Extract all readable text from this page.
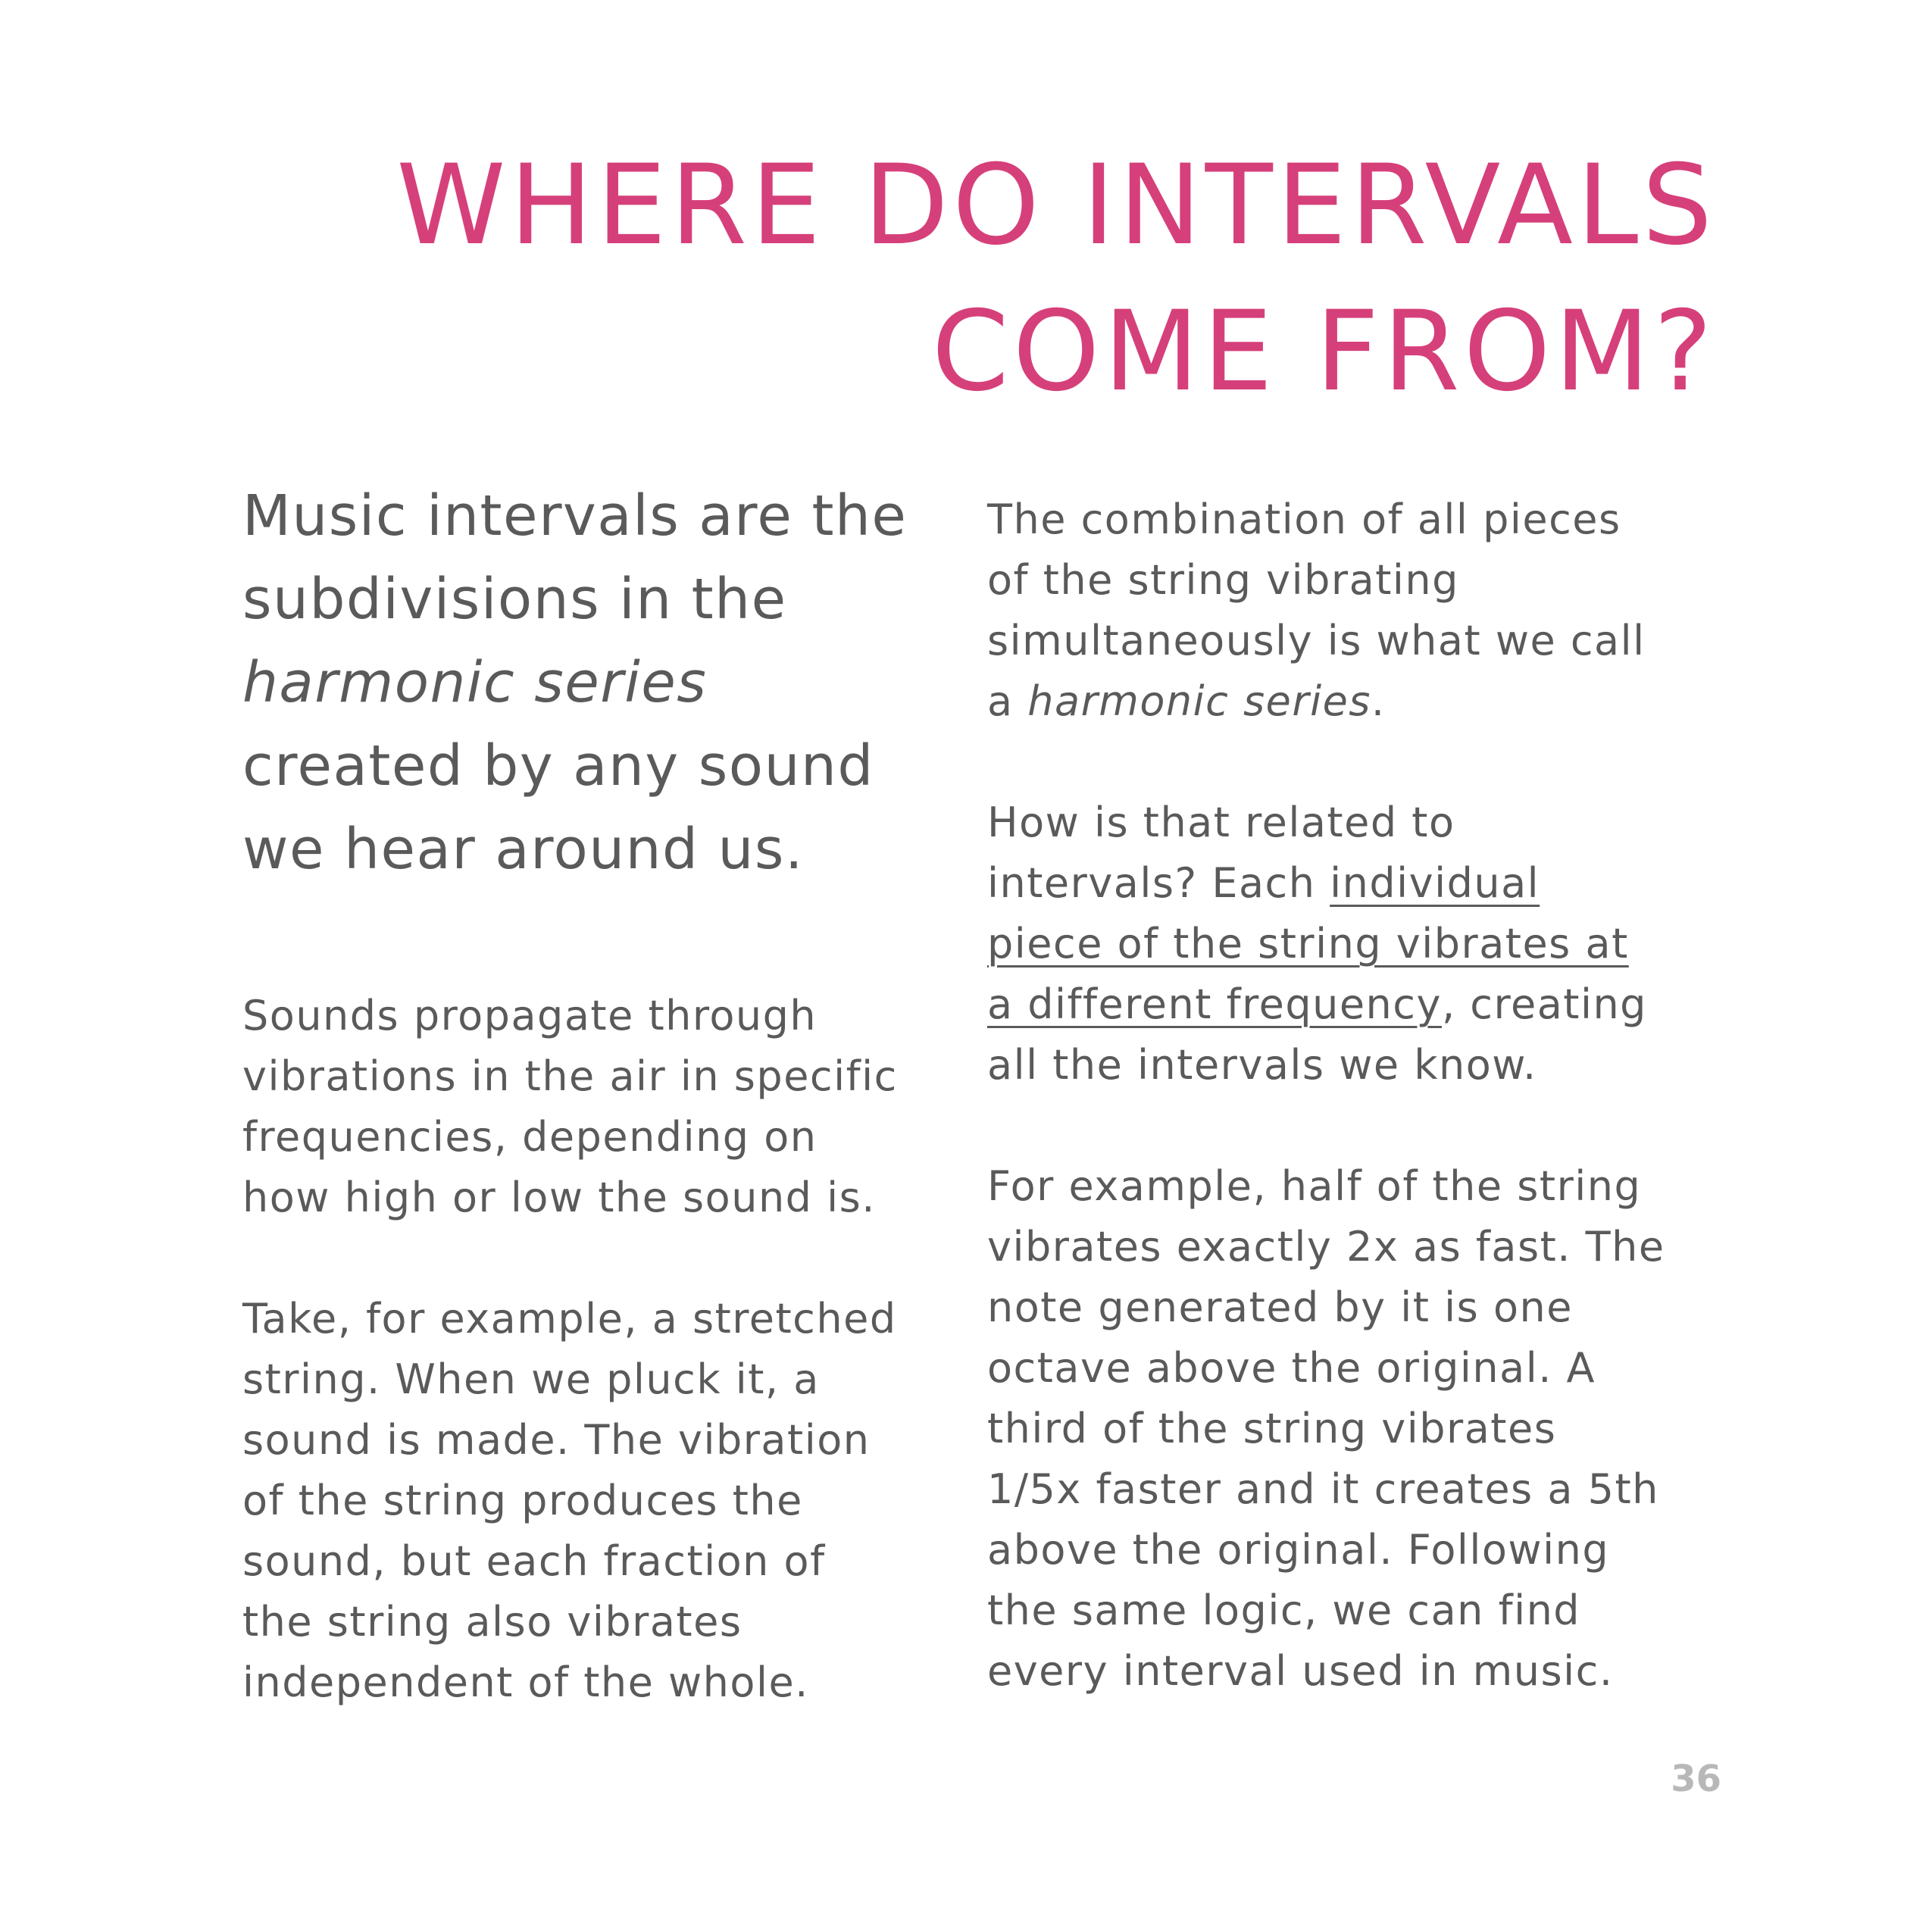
WHERE DO INTERVALS
COME FROM?

Music intervals are the
subdivisions in the
harmonic series
created by any sound
we hear around us.

Sounds propagate through
vibrations in the air in specific
frequencies, depending on
how high or low the sound is.

Take, for example, a stretched
string. When we pluck it, a
sound is made. The vibration
of the string produces the
sound, but each fraction of
the string also vibrates
independent of the whole.

The combination of all pieces
of the string vibrating
simultaneously is what we call
a harmonic series.

How is that related to
intervals? Each individual
piece of the string vibrates at
a different frequency, creating
all the intervals we know.

For example, half of the string
vibrates exactly 2x as fast. The
note generated by it is one
octave above the original. A
third of the string vibrates
1/5x faster and it creates a 5th
above the original. Following
the same logic, we can find
every interval used in music.

36
